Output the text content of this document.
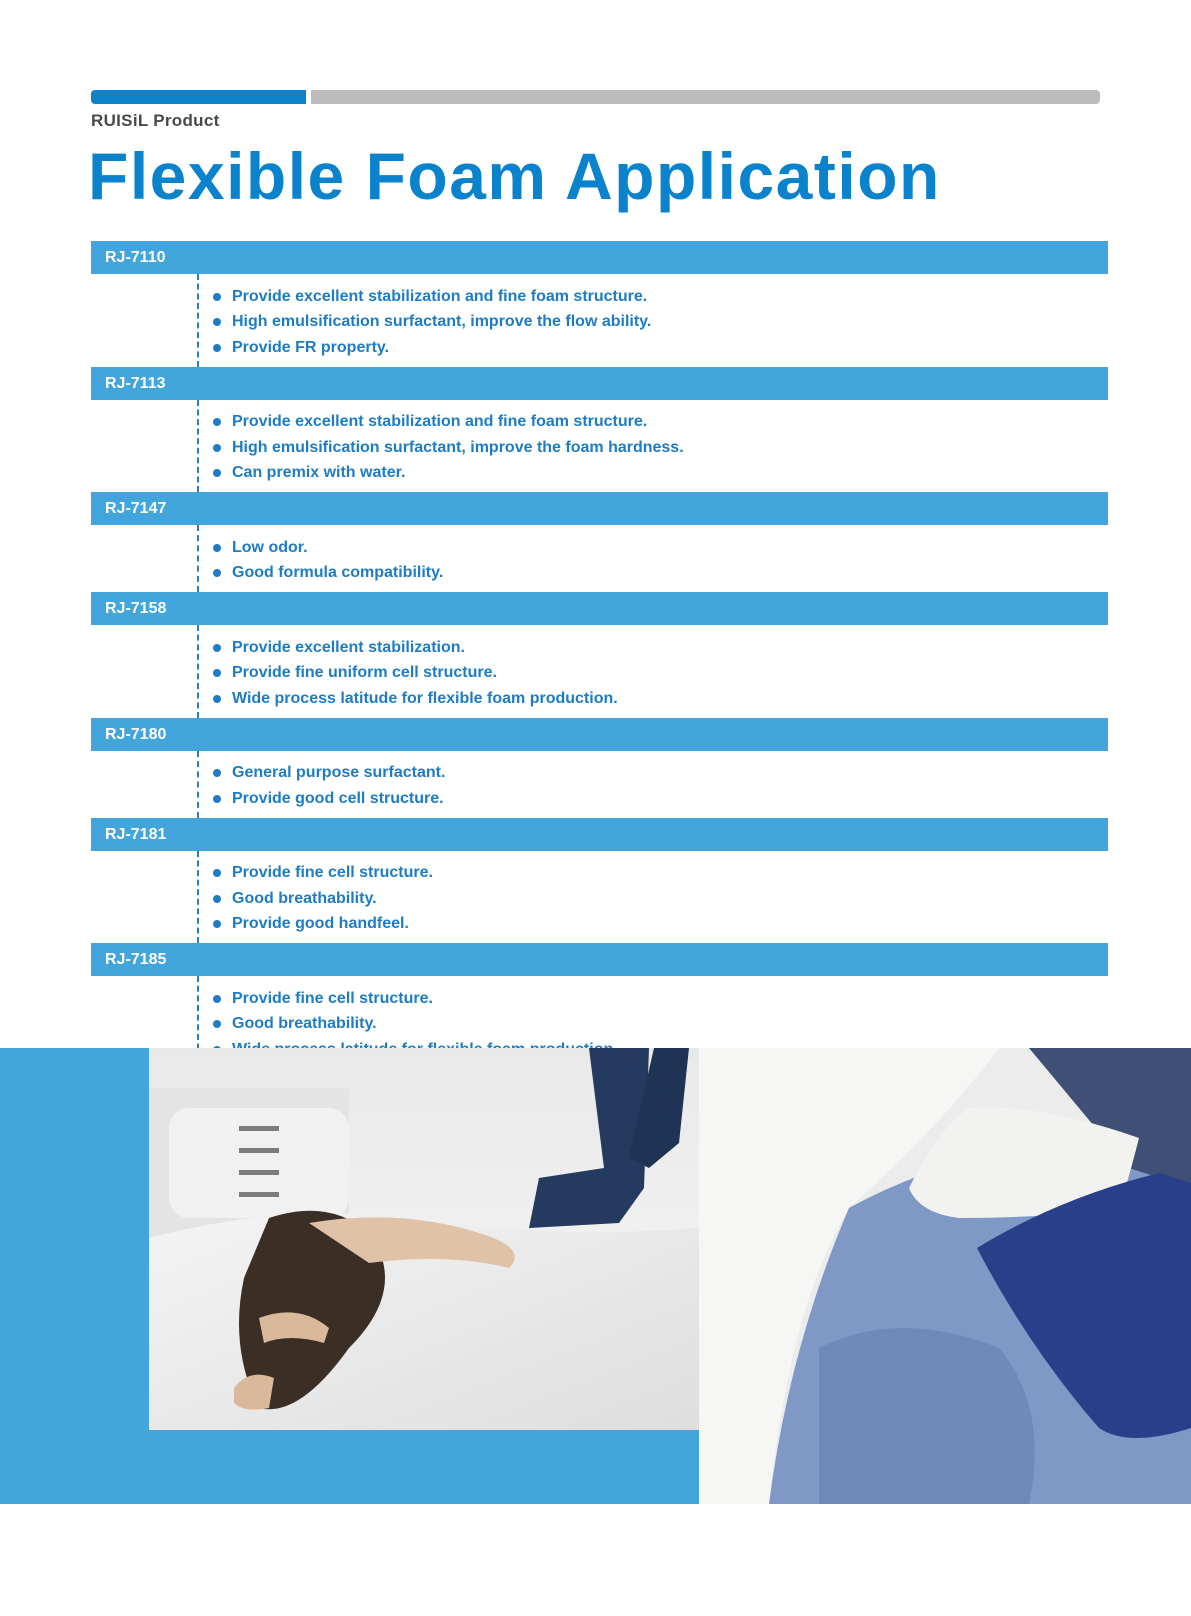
RUISiL Product
Flexible Foam Application
RJ-7110
Provide excellent stabilization and fine foam structure.
High emulsification surfactant, improve the flow ability.
Provide FR property.
RJ-7113
Provide excellent stabilization and fine foam structure.
High emulsification surfactant, improve the foam hardness.
Can premix with water.
RJ-7147
Low odor.
Good formula compatibility.
RJ-7158
Provide excellent stabilization.
Provide fine uniform cell structure.
Wide process latitude for flexible foam production.
RJ-7180
General purpose surfactant.
Provide good cell structure.
RJ-7181
Provide fine cell structure.
Good breathability.
Provide good handfeel.
RJ-7185
Provide fine cell structure.
Good breathability.
